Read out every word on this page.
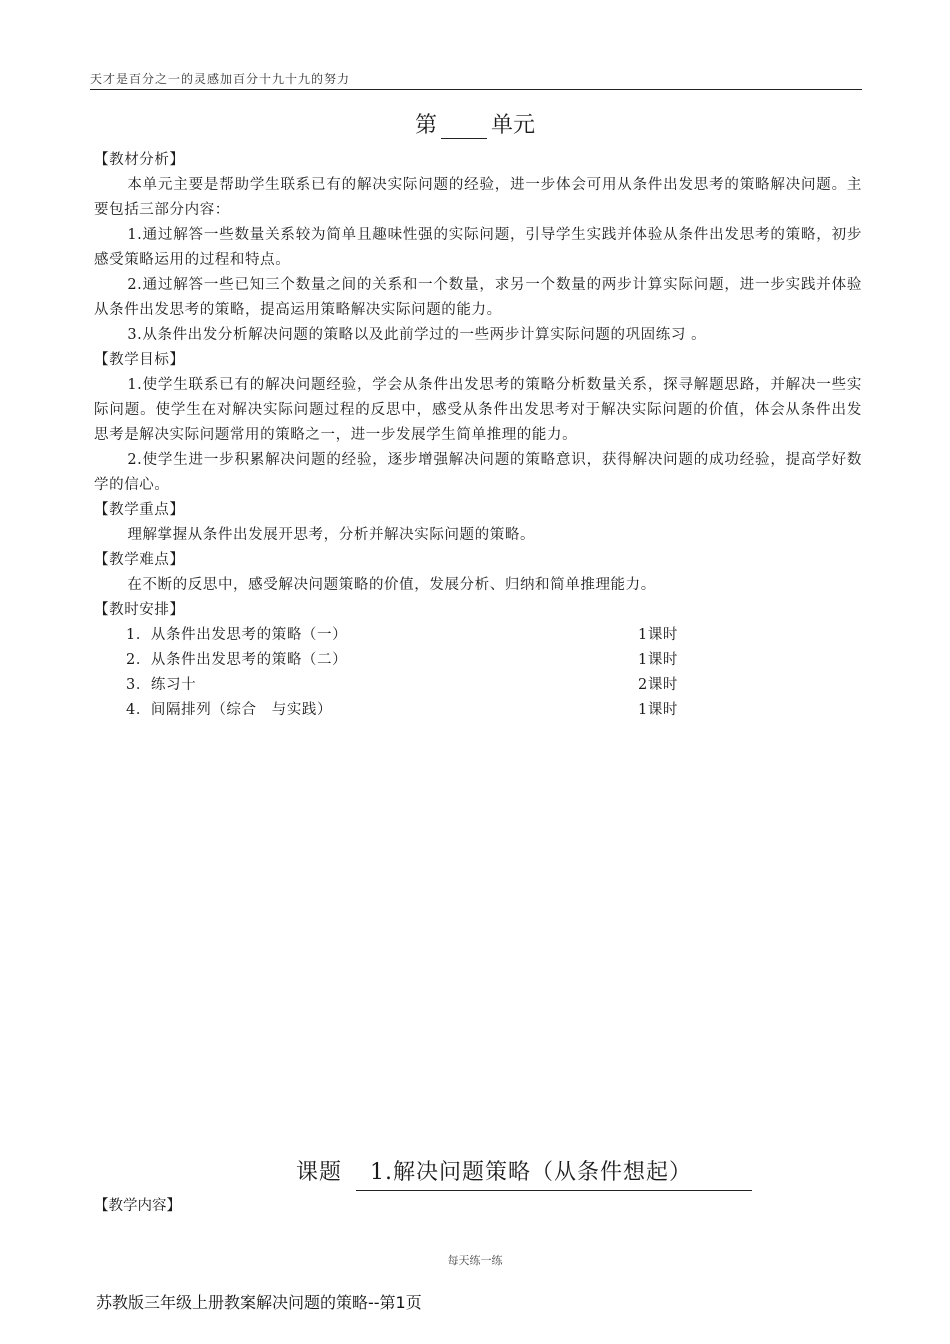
天才是百分之一的灵感加百分十九十九的努力
第 单元

【教材分析】

本单元主要是帮助学生联系已有的解决实际问题的经验，进一步体会可用从条件出发思考的策略解决问题。主要包括三部分内容：

1.通过解答一些数量关系较为简单且趣味性强的实际问题，引导学生实践并体验从条件出发思考的策略，初步感受策略运用的过程和特点。

2.通过解答一些已知三个数量之间的关系和一个数量，求另一个数量的两步计算实际问题，进一步实践并体验从条件出发思考的策略，提高运用策略解决实际问题的能力。

3.从条件出发分析解决问题的策略以及此前学过的一些两步计算实际问题的巩固练习 。

【教学目标】

1.使学生联系已有的解决问题经验，学会从条件出发思考的策略分析数量关系，探寻解题思路，并解决一些实际问题。使学生在对解决实际问题过程的反思中，感受从条件出发思考对于解决实际问题的价值，体会从条件出发思考是解决实际问题常用的策略之一，进一步发展学生简单推理的能力。

2.使学生进一步积累解决问题的经验，逐步增强解决问题的策略意识，获得解决问题的成功经验，提高学好数学的信心。

【教学重点】

理解掌握从条件出发展开思考，分析并解决实际问题的策略。

【教学难点】

在不断的反思中，感受解决问题策略的价值，发展分析、归纳和简单推理能力。

【教时安排】

1．从条件出发思考的策略（一）	1课时
2．从条件出发思考的策略（二）	1课时
3．练习十	2课时
4．间隔排列（综合　与实践）	1课时
课题 1.解决问题策略（从条件想起）
【教学内容】
每天练一练
苏教版三年级上册教案解决问题的策略--第1页
